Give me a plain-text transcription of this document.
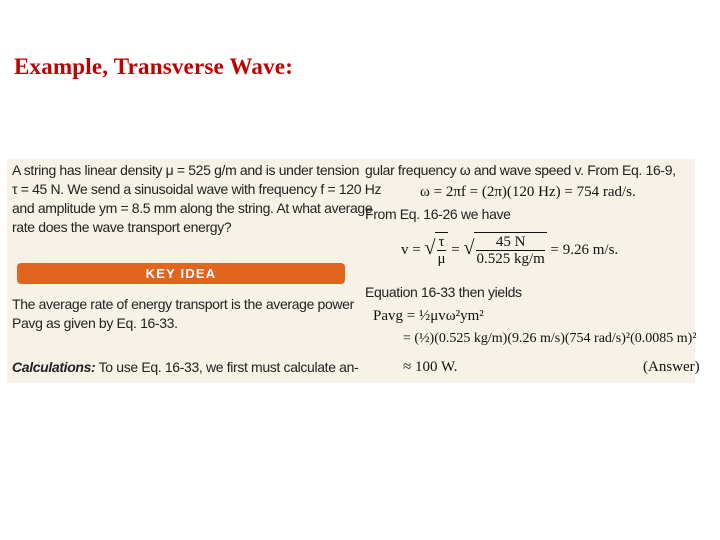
Example, Transverse Wave:
A string has linear density μ = 525 g/m and is under tension
τ = 45 N. We send a sinusoidal wave with frequency f = 120 Hz
and amplitude ym = 8.5 mm along the string. At what average
rate does the wave transport energy?
KEY IDEA
The average rate of energy transport is the average power
Pavg as given by Eq. 16-33.
Calculations: To use Eq. 16-33, we first must calculate an-
gular frequency ω and wave speed v. From Eq. 16-9,
ω = 2πf = (2π)(120 Hz) = 754 rad/s.
From Eq. 16-26 we have
v = √ $\frac{\tau}{\mu}$ = √ $\frac{45 N}{0.525 kg/m} = 9.26$ m/s.
Equation 16-33 then yields
Pavg = ½μvω²ym²
= (½)(0.525 kg/m)(9.26 m/s)(754 rad/s)²(0.0085 m)²
≈ 100 W.	(Answer)
